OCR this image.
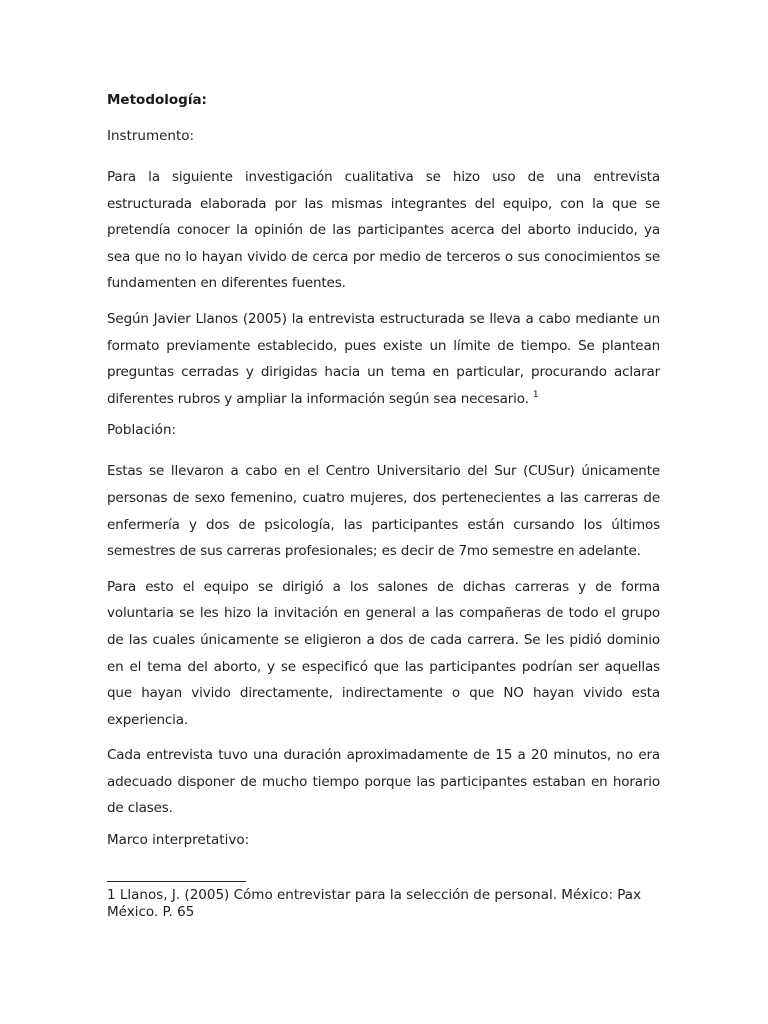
Metodología:
Instrumento:

Para la siguiente investigación cualitativa se hizo uso de una entrevista estructurada elaborada por las mismas integrantes del equipo, con la que se pretendía conocer la opinión de las participantes acerca del aborto inducido, ya sea que no lo hayan vivido de cerca por medio de terceros o sus conocimientos se fundamenten en diferentes fuentes.

Según Javier Llanos (2005) la entrevista estructurada se lleva a cabo mediante un formato previamente establecido, pues existe un límite de tiempo. Se plantean preguntas cerradas y dirigidas hacia un tema en particular, procurando aclarar diferentes rubros y ampliar la información según sea necesario. $^1$

Población:

Estas se llevaron a cabo en el Centro Universitario del Sur (CUSur) únicamente personas de sexo femenino, cuatro mujeres, dos pertenecientes a las carreras de enfermería y dos de psicología, las participantes están cursando los últimos semestres de sus carreras profesionales; es decir de 7mo semestre en adelante.

Para esto el equipo se dirigió a los salones de dichas carreras y de forma voluntaria se les hizo la invitación en general a las compañeras de todo el grupo de las cuales únicamente se eligieron a dos de cada carrera. Se les pidió dominio en el tema del aborto, y se especificó que las participantes podrían ser aquellas que hayan vivido directamente, indirectamente o que NO hayan vivido esta experiencia.

Cada entrevista tuvo una duración aproximadamente de 15 a 20 minutos, no era adecuado disponer de mucho tiempo porque las participantes estaban en horario de clases.

Marco interpretativo:
1 Llanos, J. (2005) Cómo entrevistar para la selección de personal. México: Pax México. P. 65
